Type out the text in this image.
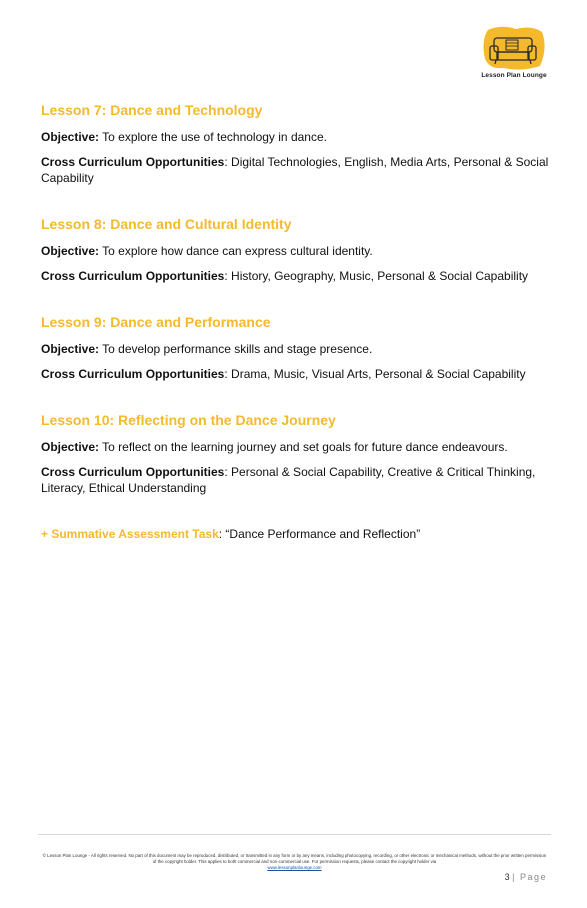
Lesson Plan Lounge
Lesson 7: Dance and Technology

Objective: To explore the use of technology in dance.

Cross Curriculum Opportunities: Digital Technologies, English, Media Arts, Personal & Social Capability

Lesson 8: Dance and Cultural Identity

Objective: To explore how dance can express cultural identity.

Cross Curriculum Opportunities: History, Geography, Music, Personal & Social Capability

Lesson 9: Dance and Performance

Objective: To develop performance skills and stage presence.

Cross Curriculum Opportunities: Drama, Music, Visual Arts, Personal & Social Capability

Lesson 10: Reflecting on the Dance Journey

Objective: To reflect on the learning journey and set goals for future dance endeavours.

Cross Curriculum Opportunities: Personal & Social Capability, Creative & Critical Thinking, Literacy, Ethical Understanding

+ Summative Assessment Task: “Dance Performance and Reflection”

© Lesson Plan Lounge - All rights reserved. No part of this document may be reproduced, distributed, or transmitted in any form or by any means, including photocopying, recording, or other electronic or mechanical methods, without the prior written permission of the copyright holder. This applies to both commercial and non-commercial use. For permission requests, please contact the copyright holder via
www.lessonplanlounge.com
3 | Page
